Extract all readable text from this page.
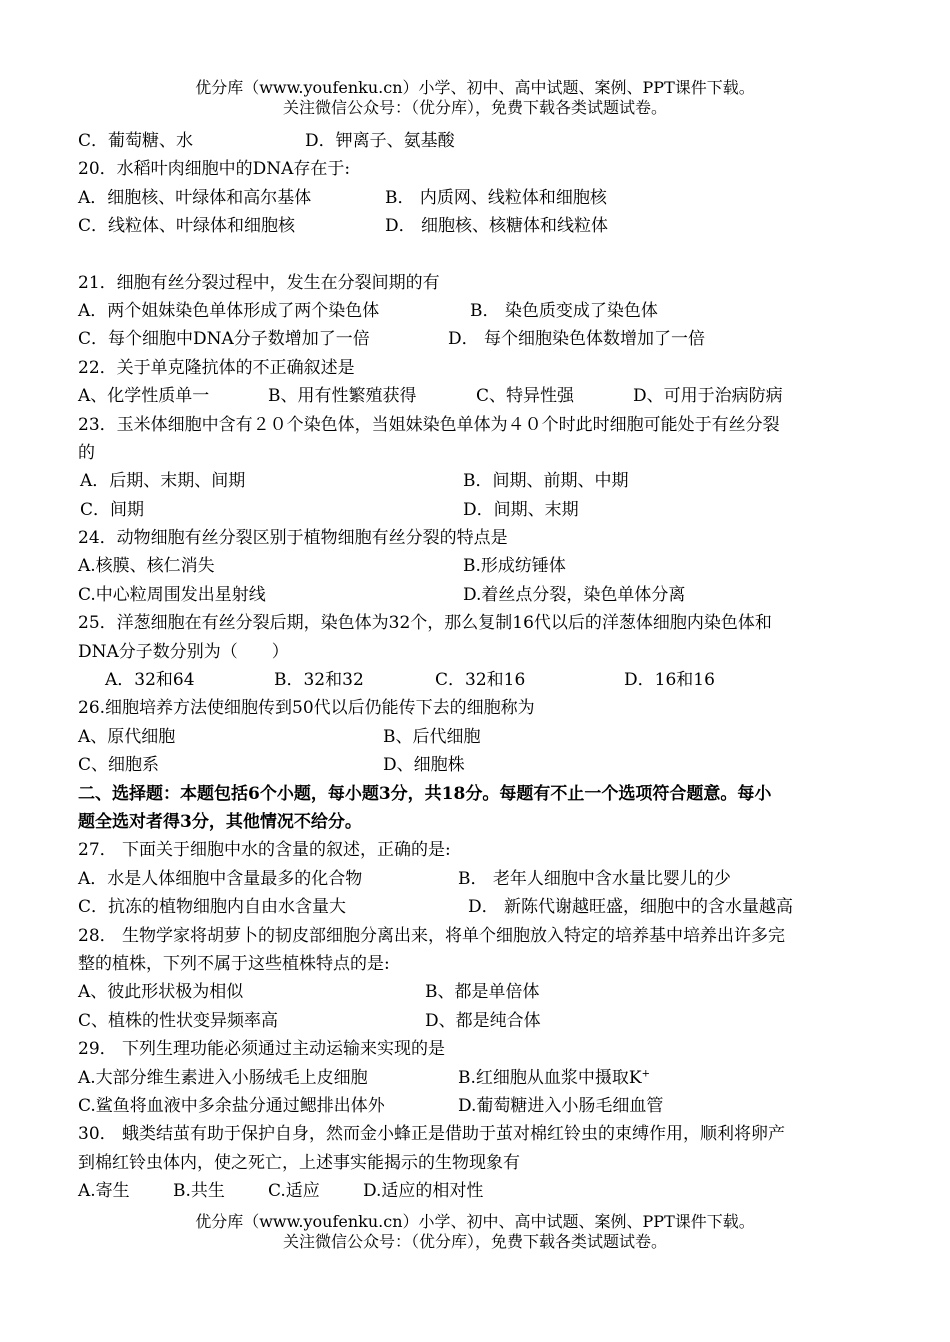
优分库（www.youfenku.cn）小学、初中、高中试题、案例、PPT课件下载。
关注微信公众号：（优分库），免费下载各类试题试卷。
C．葡萄糖、水	D．钾离子、氨基酸
20．水稻叶肉细胞中的DNA存在于:
A．细胞核、叶绿体和高尔基体	B． 内质网、线粒体和细胞核
C．线粒体、叶绿体和细胞核	D． 细胞核、核糖体和线粒体
21．细胞有丝分裂过程中，发生在分裂间期的有
A．两个姐妹染色单体形成了两个染色体	B． 染色质变成了染色体
C．每个细胞中DNA分子数增加了一倍	D． 每个细胞染色体数增加了一倍
22．关于单克隆抗体的不正确叙述是
A、化学性质单一	B、用有性繁殖获得	C、特异性强	D、可用于治病防病
23．玉米体细胞中含有２０个染色体，当姐妹染色单体为４０个时此时细胞可能处于有丝分裂
的
A．后期、末期、间期	B．间期、前期、中期
C．间期	D．间期、末期
24．动物细胞有丝分裂区别于植物细胞有丝分裂的特点是
A.核膜、核仁消失	B.形成纺锤体
C.中心粒周围发出星射线	D.着丝点分裂，染色单体分离
25．洋葱细胞在有丝分裂后期，染色体为32个，那么复制16代以后的洋葱体细胞内染色体和
DNA分子数分别为（　　）
A．32和64	B．32和32	C．32和16	D．16和16
26.细胞培养方法使细胞传到50代以后仍能传下去的细胞称为
A、原代细胞	B、后代细胞
C、细胞系	D、细胞株
二、选择题：本题包括6个小题，每小题3分，共18分。每题有不止一个选项符合题意。每小
题全选对者得3分，其他情况不给分。
27． 下面关于细胞中水的含量的叙述，正确的是:
A．水是人体细胞中含量最多的化合物	B． 老年人细胞中含水量比婴儿的少
C．抗冻的植物细胞内自由水含量大	D． 新陈代谢越旺盛，细胞中的含水量越高
28． 生物学家将胡萝卜的韧皮部细胞分离出来，将单个细胞放入特定的培养基中培养出许多完
整的植株，下列不属于这些植株特点的是:
A、彼此形状极为相似	B、都是单倍体
C、植株的性状变异频率高	D、都是纯合体
29． 下列生理功能必须通过主动运输来实现的是
A.大部分维生素进入小肠绒毛上皮细胞	B.红细胞从血浆中摄取K+
C.鲨鱼将血液中多余盐分通过鳃排出体外	D.葡萄糖进入小肠毛细血管
30． 蛾类结茧有助于保护自身，然而金小蜂正是借助于茧对棉红铃虫的束缚作用，顺利将卵产
到棉红铃虫体内，使之死亡，上述事实能揭示的生物现象有
A.寄生	B.共生	C.适应	D.适应的相对性
优分库（www.youfenku.cn）小学、初中、高中试题、案例、PPT课件下载。
关注微信公众号：（优分库），免费下载各类试题试卷。
